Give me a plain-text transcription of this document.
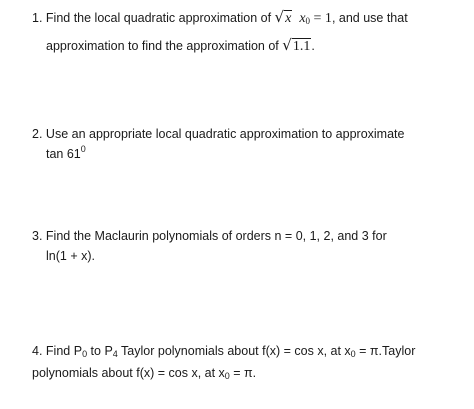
1. Find the local quadratic approximation of √x $x_0 = 1$, and use that
approximation to find the approximation of √1.1.
2. Use an appropriate local quadratic approximation to approximate
$\tan 61^0$
3. Find the Maclaurin polynomials of orders n = 0, 1, 2, and 3 for
ln(1 + x).
4. Find $P_0$ to $P_4$ Taylor polynomials about f(x) = cos x, at $x_0$ = π.Taylor
polynomials about f(x) = cos x, at $x_0 = \pi$.
